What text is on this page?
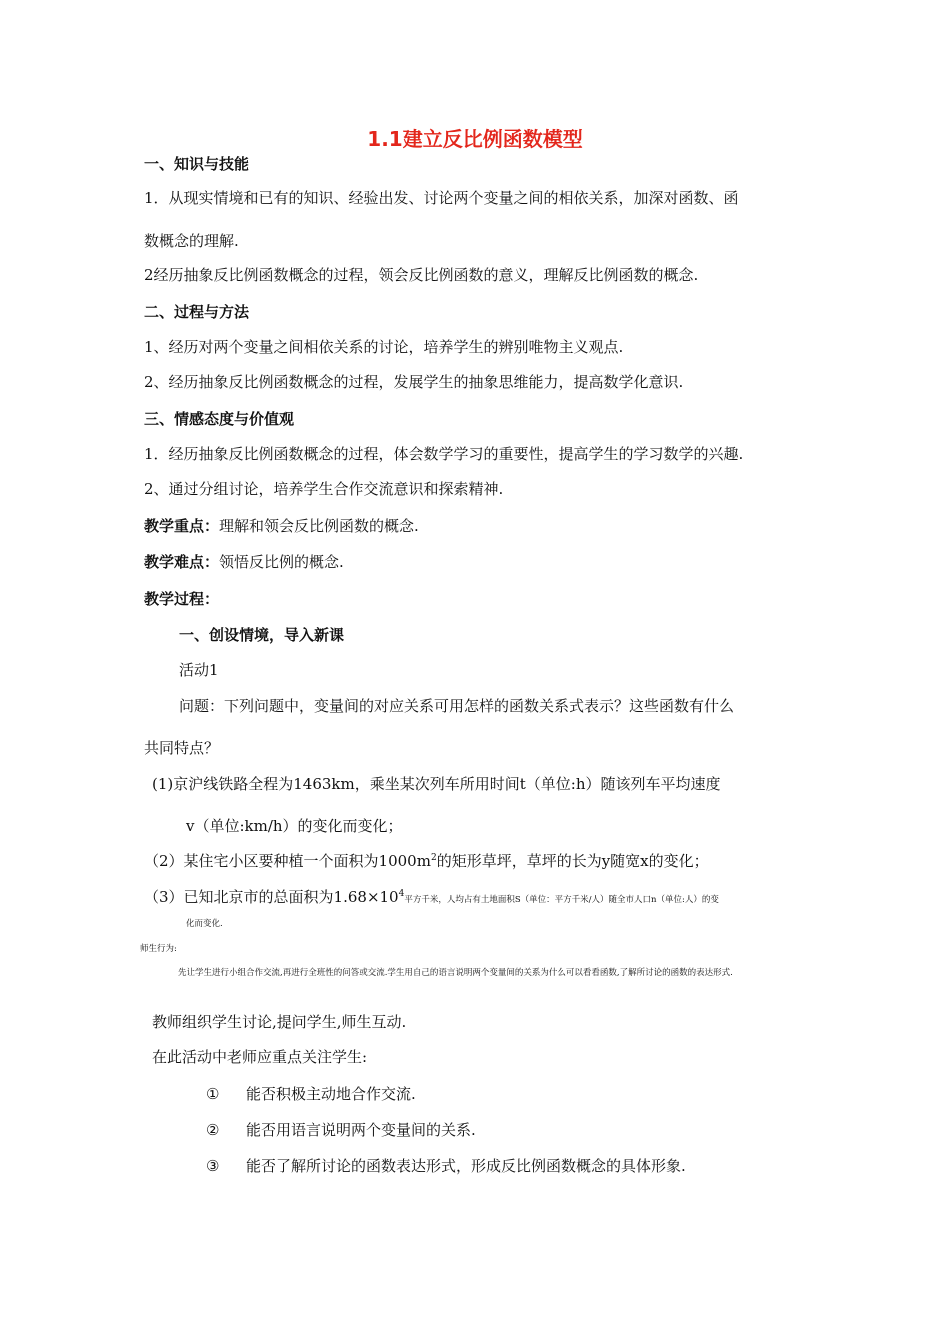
1.1建立反比例函数模型
一、知识与技能
1．从现实情境和已有的知识、经验出发、讨论两个变量之间的相依关系，加深对函数、函
数概念的理解.
2经历抽象反比例函数概念的过程，领会反比例函数的意义，理解反比例函数的概念.
二、过程与方法
1、经历对两个变量之间相依关系的讨论，培养学生的辨别唯物主义观点.
2、经历抽象反比例函数概念的过程，发展学生的抽象思维能力，提高数学化意识.
三、情感态度与价值观
1．经历抽象反比例函数概念的过程，体会数学学习的重要性，提高学生的学习数学的兴趣.
2、通过分组讨论，培养学生合作交流意识和探索精神.
教学重点：理解和领会反比例函数的概念.
教学难点：领悟反比例的概念.
教学过程：
一、创设情境，导入新课
活动1
问题：下列问题中，变量间的对应关系可用怎样的函数关系式表示？这些函数有什么
共同特点？
(1)京沪线铁路全程为1463km，乘坐某次列车所用时间t（单位:h）随该列车平均速度
v（单位:km/h）的变化而变化；
（2）某住宅小区要种植一个面积为$1000m^2$的矩形草坪，草坪的长为y随宽x的变化；
（3）已知北京市的总面积为$1.68\times 10^4$平方千米，人均占有土地面积S（单位：平方千米/人）随全市人口n（单位:人）的变
化而变化.
师生行为:
先让学生进行小组合作交流,再进行全班性的问答或交流.学生用自己的语言说明两个变量间的关系为什么可以看看函数,了解所讨论的函数的表达形式.
教师组织学生讨论,提问学生,师生互动.
在此活动中老师应重点关注学生:
① 能否积极主动地合作交流.
② 能否用语言说明两个变量间的关系.
③ 能否了解所讨论的函数表达形式，形成反比例函数概念的具体形象.
